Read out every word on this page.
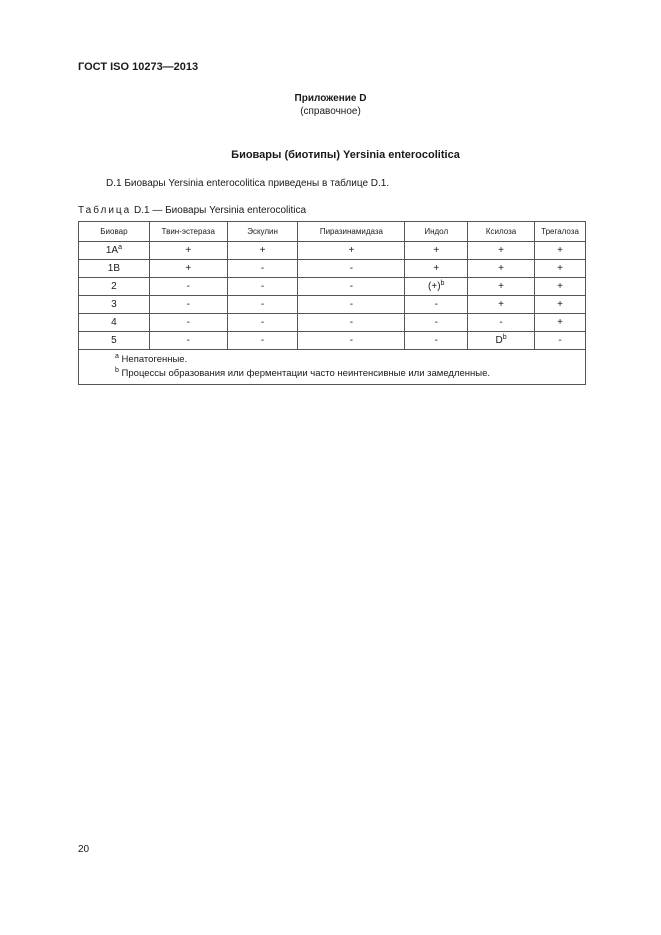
ГОСТ ISO 10273—2013
Приложение D
(справочное)
Биовары (биотипы) Yersinia enterocolitica
D.1 Биовары Yersinia enterocolitica приведены в таблице D.1.
Таблица D.1 — Биовары Yersinia enterocolitica
Биовар	Твин-эстераза	Эскулин	Пиразинамидаза	Индол	Ксилоза	Трегалоза
$1A^a$	+	+	+	+	+	+
1B	+	-	-	+	+	+
2	-	-	-	$(+)^b$	+	+
3	-	-	-	-	+	+
4	-	-	-	-	-	+
5	-	-	-	-	$D^b$	-

$^a$ Непатогенные.
$^b$ Процессы образования или ферментации часто неинтенсивные или замедленные.						
20
